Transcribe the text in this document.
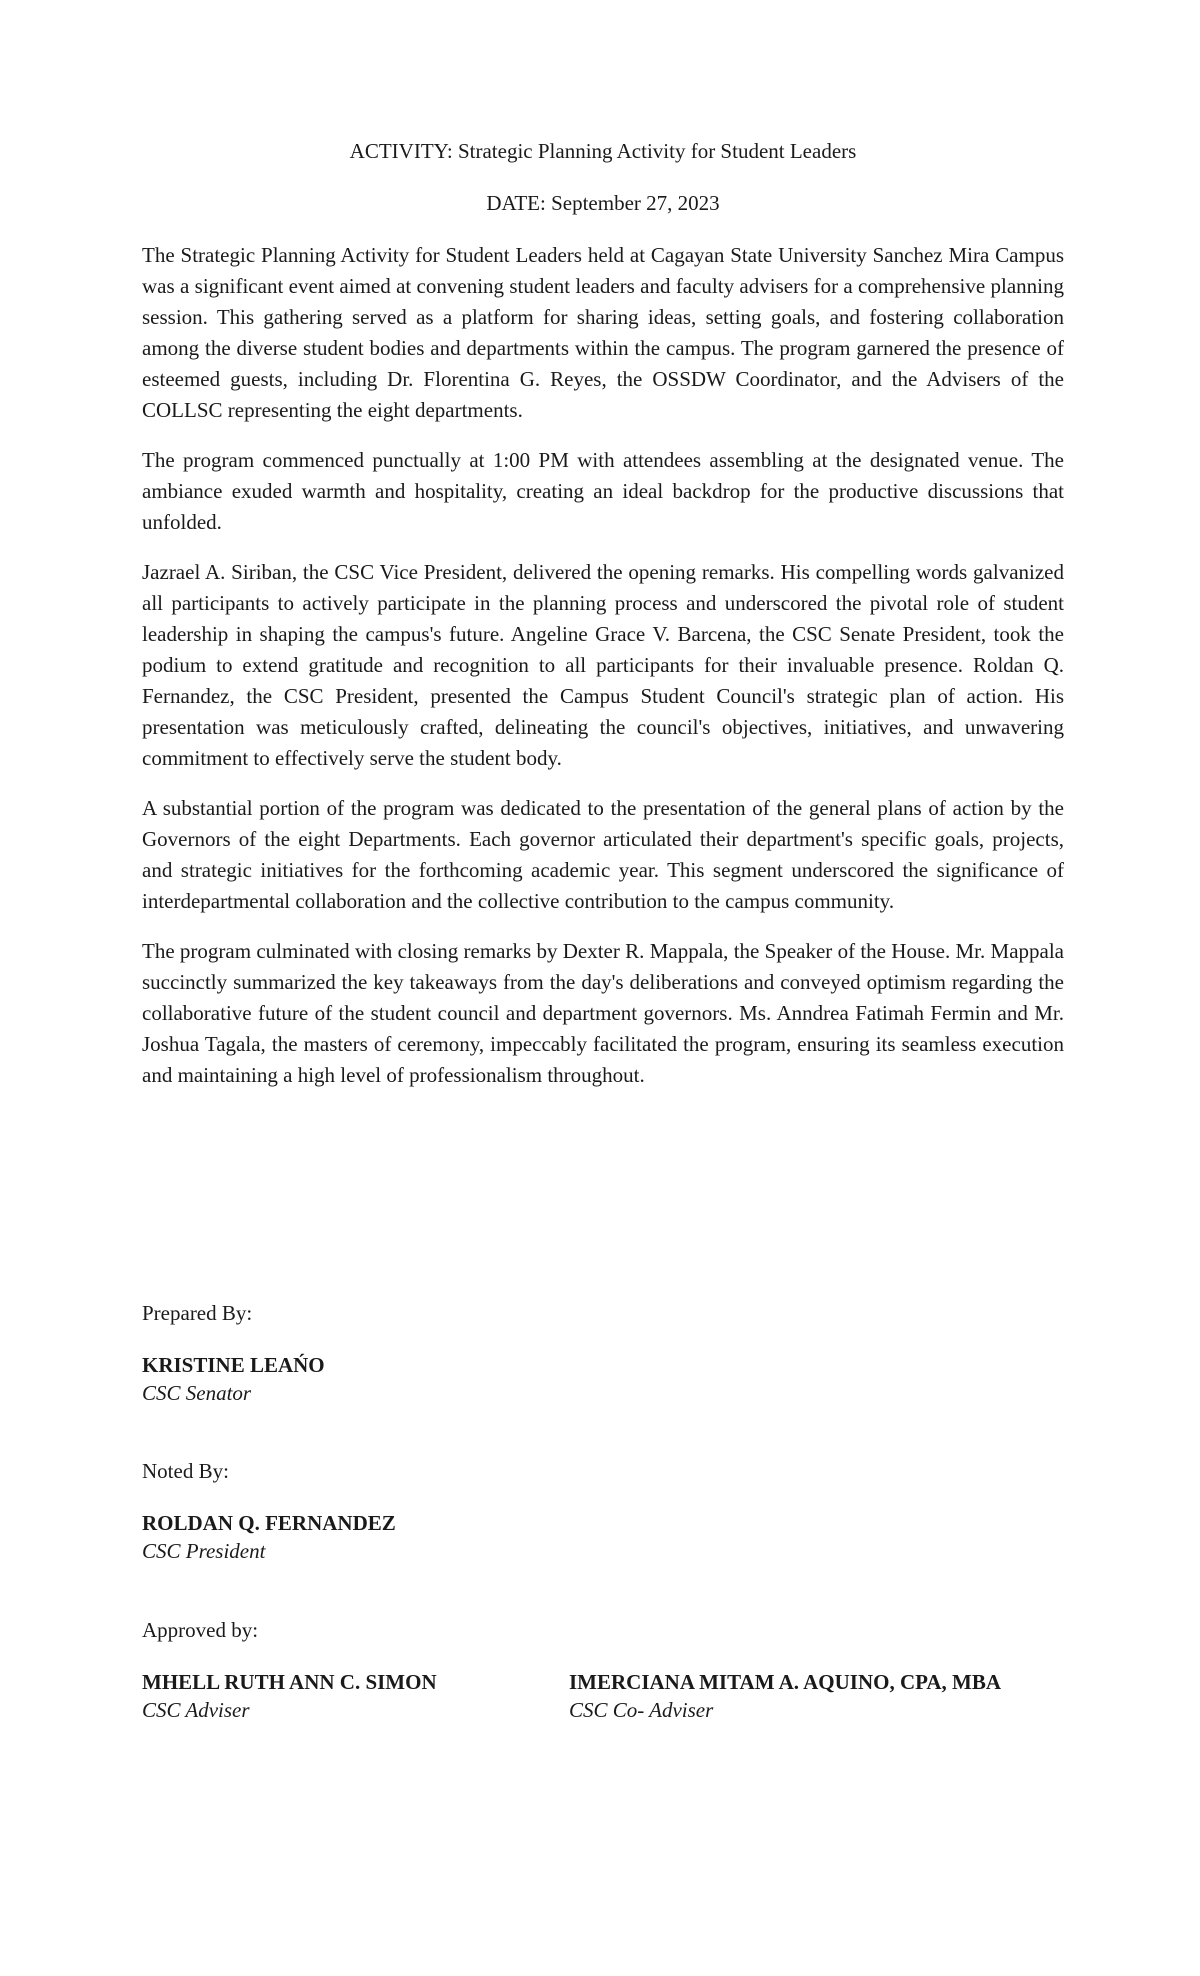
ACTIVITY: Strategic Planning Activity for Student Leaders

DATE: September 27, 2023

The Strategic Planning Activity for Student Leaders held at Cagayan State University Sanchez Mira Campus was a significant event aimed at convening student leaders and faculty advisers for a comprehensive planning session. This gathering served as a platform for sharing ideas, setting goals, and fostering collaboration among the diverse student bodies and departments within the campus. The program garnered the presence of esteemed guests, including Dr. Florentina G. Reyes, the OSSDW Coordinator, and the Advisers of the COLLSC representing the eight departments.

The program commenced punctually at 1:00 PM with attendees assembling at the designated venue. The ambiance exuded warmth and hospitality, creating an ideal backdrop for the productive discussions that unfolded.

Jazrael A. Siriban, the CSC Vice President, delivered the opening remarks. His compelling words galvanized all participants to actively participate in the planning process and underscored the pivotal role of student leadership in shaping the campus's future. Angeline Grace V. Barcena, the CSC Senate President, took the podium to extend gratitude and recognition to all participants for their invaluable presence. Roldan Q. Fernandez, the CSC President, presented the Campus Student Council's strategic plan of action. His presentation was meticulously crafted, delineating the council's objectives, initiatives, and unwavering commitment to effectively serve the student body.

A substantial portion of the program was dedicated to the presentation of the general plans of action by the Governors of the eight Departments. Each governor articulated their department's specific goals, projects, and strategic initiatives for the forthcoming academic year. This segment underscored the significance of interdepartmental collaboration and the collective contribution to the campus community.

The program culminated with closing remarks by Dexter R. Mappala, the Speaker of the House. Mr. Mappala succinctly summarized the key takeaways from the day's deliberations and conveyed optimism regarding the collaborative future of the student council and department governors. Ms. Anndrea Fatimah Fermin and Mr. Joshua Tagala, the masters of ceremony, impeccably facilitated the program, ensuring its seamless execution and maintaining a high level of professionalism throughout.

Prepared By:

KRISTINE LEAŃO

CSC Senator

Noted By:

ROLDAN Q. FERNANDEZ

CSC President

Approved by:

MHELL RUTH ANN C. SIMON

CSC Adviser

IMERCIANA MITAM A. AQUINO, CPA, MBA

CSC Co- Adviser
